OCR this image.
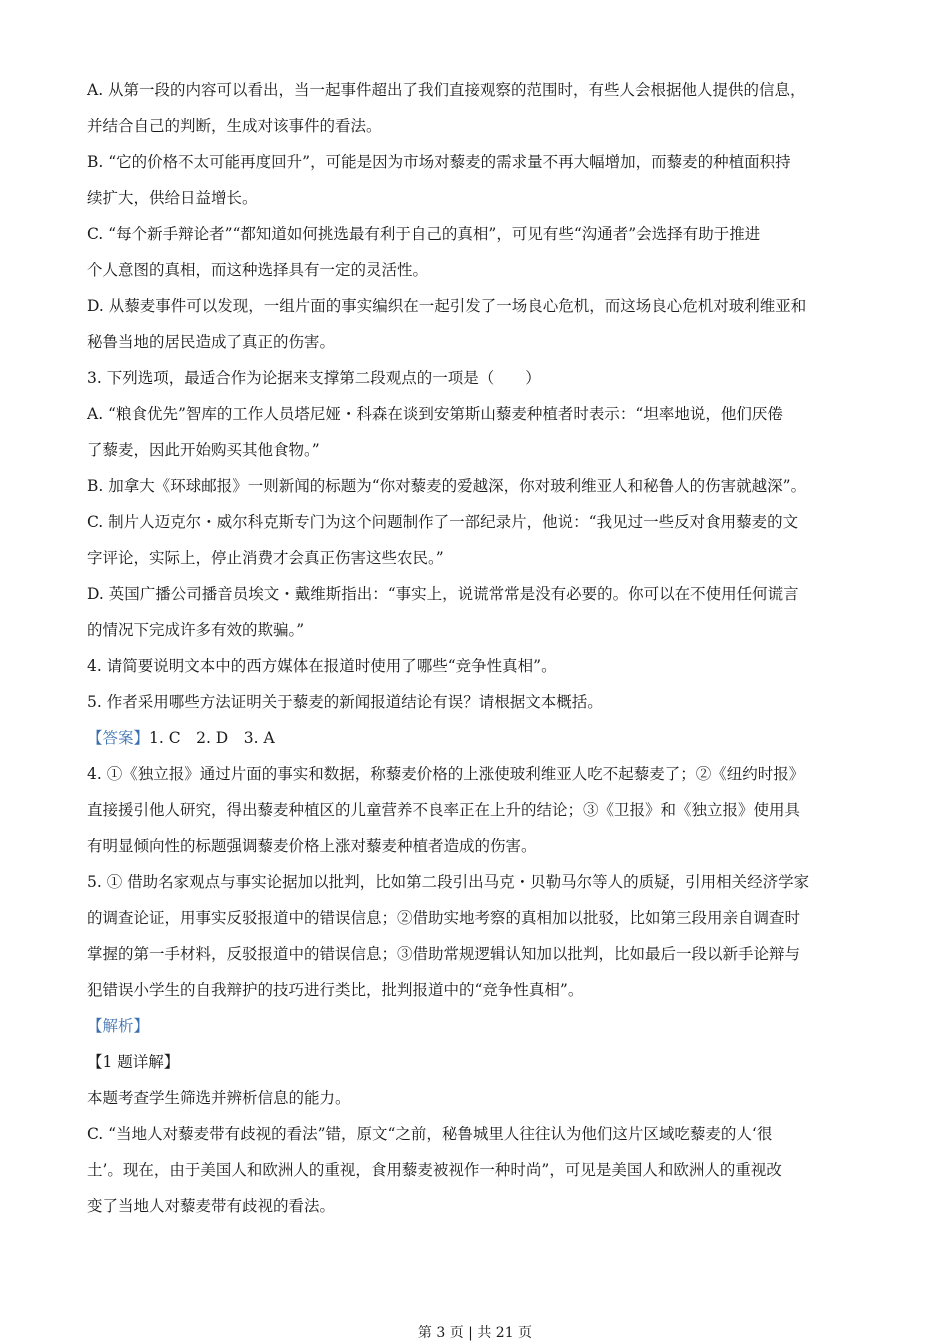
A. 从第一段的内容可以看出，当一起事件超出了我们直接观察的范围时，有些人会根据他人提供的信息，
并结合自己的判断，生成对该事件的看法。
B. “它的价格不太可能再度回升”，可能是因为市场对藜麦的需求量不再大幅增加，而藜麦的种植面积持
续扩大，供给日益增长。
C. “每个新手辩论者”“都知道如何挑选最有利于自己的真相”，可见有些“沟通者”会选择有助于推进
个人意图的真相，而这种选择具有一定的灵活性。
D. 从藜麦事件可以发现，一组片面的事实编织在一起引发了一场良心危机，而这场良心危机对玻利维亚和
秘鲁当地的居民造成了真正的伤害。
3. 下列选项，最适合作为论据来支撑第二段观点的一项是（　　）
A. “粮食优先”智库的工作人员塔尼娅・科森在谈到安第斯山藜麦种植者时表示：“坦率地说，他们厌倦
了藜麦，因此开始购买其他食物。”
B. 加拿大《环球邮报》一则新闻的标题为“你对藜麦的爱越深，你对玻利维亚人和秘鲁人的伤害就越深”。
C. 制片人迈克尔・威尔科克斯专门为这个问题制作了一部纪录片，他说：“我见过一些反对食用藜麦的文
字评论，实际上，停止消费才会真正伤害这些农民。”
D. 英国广播公司播音员埃文・戴维斯指出：“事实上，说谎常常是没有必要的。你可以在不使用任何谎言
的情况下完成许多有效的欺骗。”
4. 请简要说明文本中的西方媒体在报道时使用了哪些“竞争性真相”。
5. 作者采用哪些方法证明关于藜麦的新闻报道结论有误？请根据文本概括。
【答案】1. C　2. D　3. A
4. ①《独立报》通过片面的事实和数据，称藜麦价格的上涨使玻利维亚人吃不起藜麦了；②《纽约时报》
直接援引他人研究，得出藜麦种植区的儿童营养不良率正在上升的结论；③《卫报》和《独立报》使用具
有明显倾向性的标题强调藜麦价格上涨对藜麦种植者造成的伤害。
5. ① 借助名家观点与事实论据加以批判，比如第二段引出马克・贝勒马尔等人的质疑，引用相关经济学家
的调查论证，用事实反驳报道中的错误信息；②借助实地考察的真相加以批驳，比如第三段用亲自调查时
掌握的第一手材料，反驳报道中的错误信息；③借助常规逻辑认知加以批判，比如最后一段以新手论辩与
犯错误小学生的自我辩护的技巧进行类比，批判报道中的“竞争性真相”。
【解析】
【1 题详解】
本题考查学生筛选并辨析信息的能力。
C. “当地人对藜麦带有歧视的看法”错，原文“之前，秘鲁城里人往往认为他们这片区域吃藜麦的人‘很
土’。现在，由于美国人和欧洲人的重视，食用藜麦被视作一种时尚”，可见是美国人和欧洲人的重视改
变了当地人对藜麦带有歧视的看法。
第 3 页 | 共 21 页
